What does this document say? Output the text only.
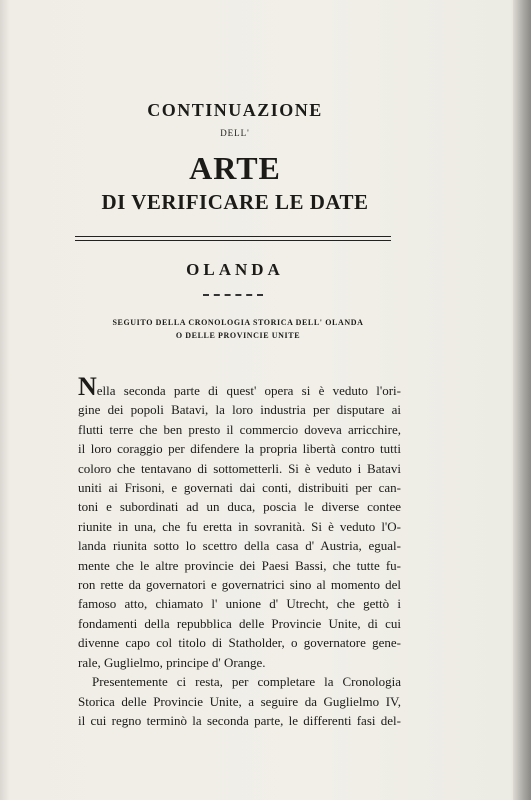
CONTINUAZIONE
DELL'
ARTE
DI VERIFICARE LE DATE
OLANDA
SEGUITO DELLA CRONOLOGIA STORICA DELL' OLANDA
O DELLE PROVINCIE UNITE
Nella seconda parte di quest' opera si è veduto l'ori-
gine dei popoli Batavi, la loro industria per disputare ai
flutti terre che ben presto il commercio doveva arricchire,
il loro coraggio per difendere la propria libertà contro tutti
coloro che tentavano di sottometterli. Si è veduto i Batavi
uniti ai Frisoni, e governati dai conti, distribuiti per can-
toni e subordinati ad un duca, poscia le diverse contee
riunite in una, che fu eretta in sovranità. Si è veduto l'O-
landa riunita sotto lo scettro della casa d' Austria, egual-
mente che le altre provincie dei Paesi Bassi, che tutte fu-
ron rette da governatori e governatrici sino al momento del
famoso atto, chiamato l' unione d' Utrecht, che gettò i
fondamenti della repubblica delle Provincie Unite, di cui
divenne capo col titolo di Statholder, o governatore gene-
rale, Guglielmo, principe d' Orange.
Presentemente ci resta, per completare la Cronologia
Storica delle Provincie Unite, a seguire da Guglielmo IV,
il cui regno terminò la seconda parte, le differenti fasi del-
